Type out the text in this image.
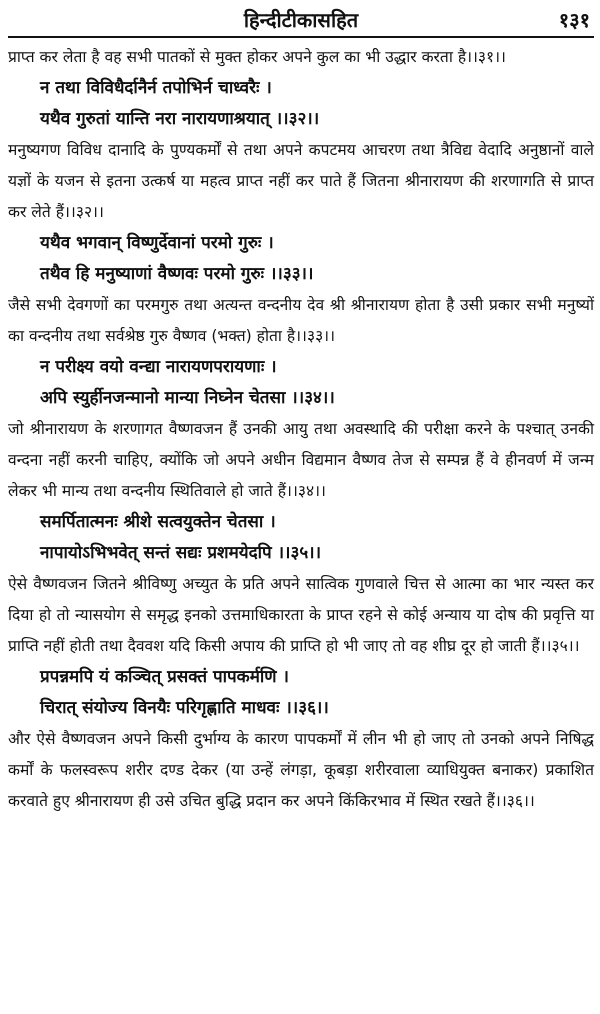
हिन्दीटीकासहित	१३१

प्राप्त कर लेता है वह सभी पातकों से मुक्त होकर अपने कुल का भी उद्धार करता है।।३१।।

न तथा विविधैर्दानैर्न तपोभिर्न चाध्वरैः ।

यथैव गुरुतां यान्ति नरा नारायणाश्रयात् ।।३२।।

मनुष्यगण विविध दानादि के पुण्यकर्मों से तथा अपने कपटमय आचरण तथा त्रैविद्य वेदादि अनुष्ठानों वाले यज्ञों के यजन से इतना उत्कर्ष या महत्व प्राप्त नहीं कर पाते हैं जितना श्रीनारायण की शरणागति से प्राप्त कर लेते हैं।।३२।।

यथैव भगवान् विष्णुर्देवानां परमो गुरुः ।

तथैव हि मनुष्याणां वैष्णवः परमो गुरुः ।।३३।।

जैसे सभी देवगणों का परमगुरु तथा अत्यन्त वन्दनीय देव श्री श्रीनारायण होता है उसी प्रकार सभी मनुष्यों का वन्दनीय तथा सर्वश्रेष्ठ गुरु वैष्णव (भक्त) होता है।।३३।।

न परीक्ष्य वयो वन्द्या नारायणपरायणाः ।

अपि स्युर्हीनजन्मानो मान्या निघ्नेन चेतसा ।।३४।।

जो श्रीनारायण के शरणागत वैष्णवजन हैं उनकी आयु तथा अवस्थादि की परीक्षा करने के पश्चात् उनकी वन्दना नहीं करनी चाहिए, क्योंकि जो अपने अधीन विद्यमान वैष्णव तेज से सम्पन्न हैं वे हीनवर्ण में जन्म लेकर भी मान्य तथा वन्दनीय स्थितिवाले हो जाते हैं।।३४।।

समर्पितात्मनः श्रीशे सत्वयुक्तेन चेतसा ।

नापायोऽभिभवेत् सन्तं सद्यः प्रशमयेदपि ।।३५।।

ऐसे वैष्णवजन जितने श्रीविष्णु अच्युत के प्रति अपने सात्विक गुणवाले चित्त से आत्मा का भार न्यस्त कर दिया हो तो न्यासयोग से समृद्ध इनको उत्तमाधिकारता के प्राप्त रहने से कोई अन्याय या दोष की प्रवृत्ति या प्राप्ति नहीं होती तथा दैववश यदि किसी अपाय की प्राप्ति हो भी जाए तो वह शीघ्र दूर हो जाती हैं।।३५।।

प्रपन्नमपि यं कञ्चित् प्रसक्तं पापकर्मणि ।

चिरात् संयोज्य विनयैः परिगृह्णाति माधवः ।।३६।।

और ऐसे वैष्णवजन अपने किसी दुर्भाग्य के कारण पापकर्मों में लीन भी हो जाए तो उनको अपने निषिद्ध कर्मों के फलस्वरूप शरीर दण्ड देकर (या उन्हें लंगड़ा, कूबड़ा शरीरवाला व्याधियुक्त बनाकर) प्रकाशित करवाते हुए श्रीनारायण ही उसे उचित बुद्धि प्रदान कर अपने किंकिरभाव में स्थित रखते हैं।।३६।।
